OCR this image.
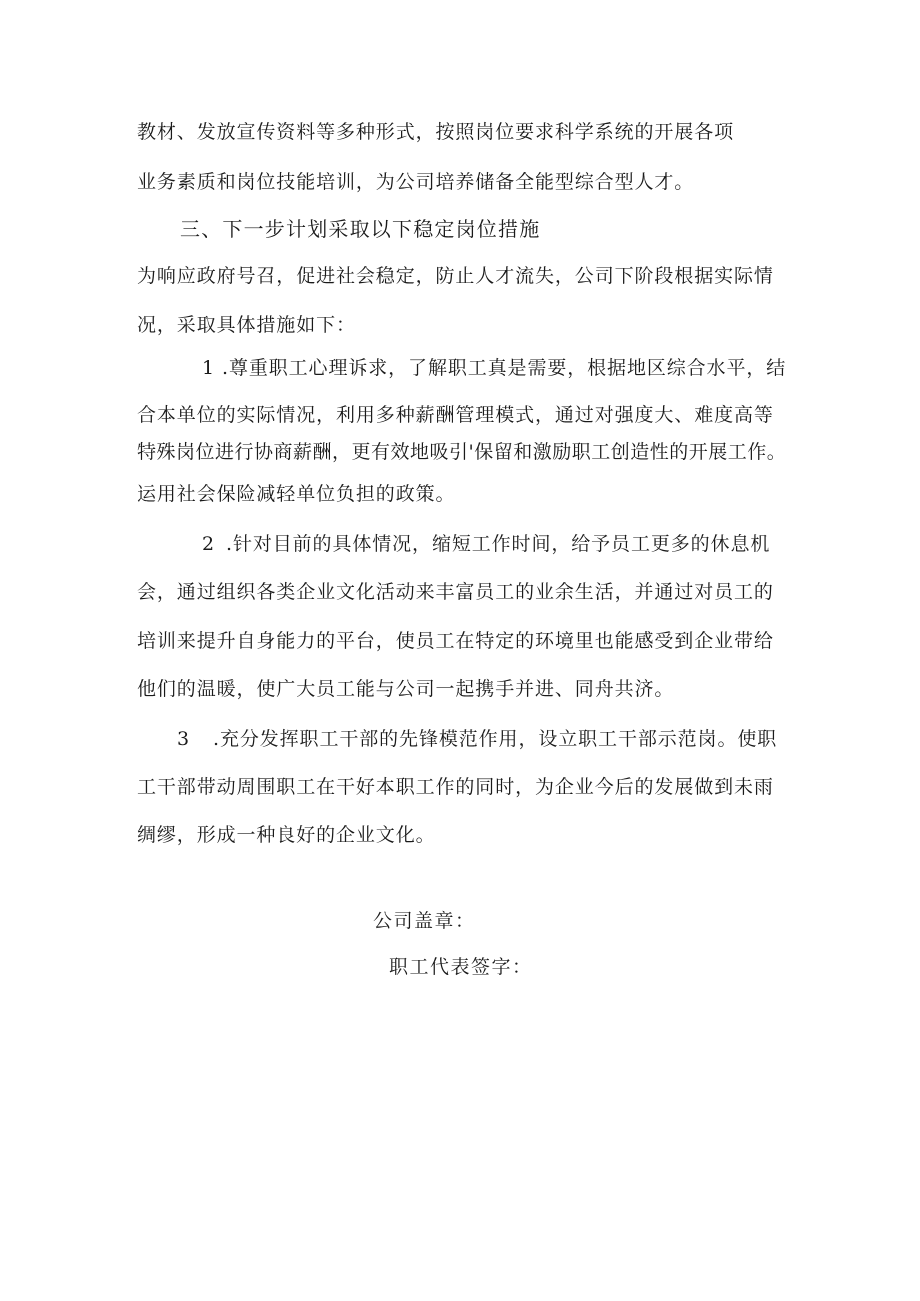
教材、发放宣传资料等多种形式，按照岗位要求科学系统的开展各项

业务素质和岗位技能培训，为公司培养储备全能型综合型人才。

三、下一步计划采取以下稳定岗位措施

为响应政府号召，促进社会稳定，防止人才流失，公司下阶段根据实际情

况，采取具体措施如下：

1 .尊重职工心理诉求，了解职工真是需要，根据地区综合水平，结

合本单位的实际情况，利用多种薪酬管理模式，通过对强度大、难度高等

特殊岗位进行协商薪酬，更有效地吸引'保留和激励职工创造性的开展工作。

运用社会保险减轻单位负担的政策。

2 .针对目前的具体情况，缩短工作时间，给予员工更多的休息机

会，通过组织各类企业文化活动来丰富员工的业余生活，并通过对员工的

培训来提升自身能力的平台，使员工在特定的环境里也能感受到企业带给

他们的温暖，使广大员工能与公司一起携手并进、同舟共济。

3 .充分发挥职工干部的先锋模范作用，设立职工干部示范岗。使职

工干部带动周围职工在干好本职工作的同时，为企业今后的发展做到未雨

绸缪，形成一种良好的企业文化。

公司盖章：

职工代表签字：
